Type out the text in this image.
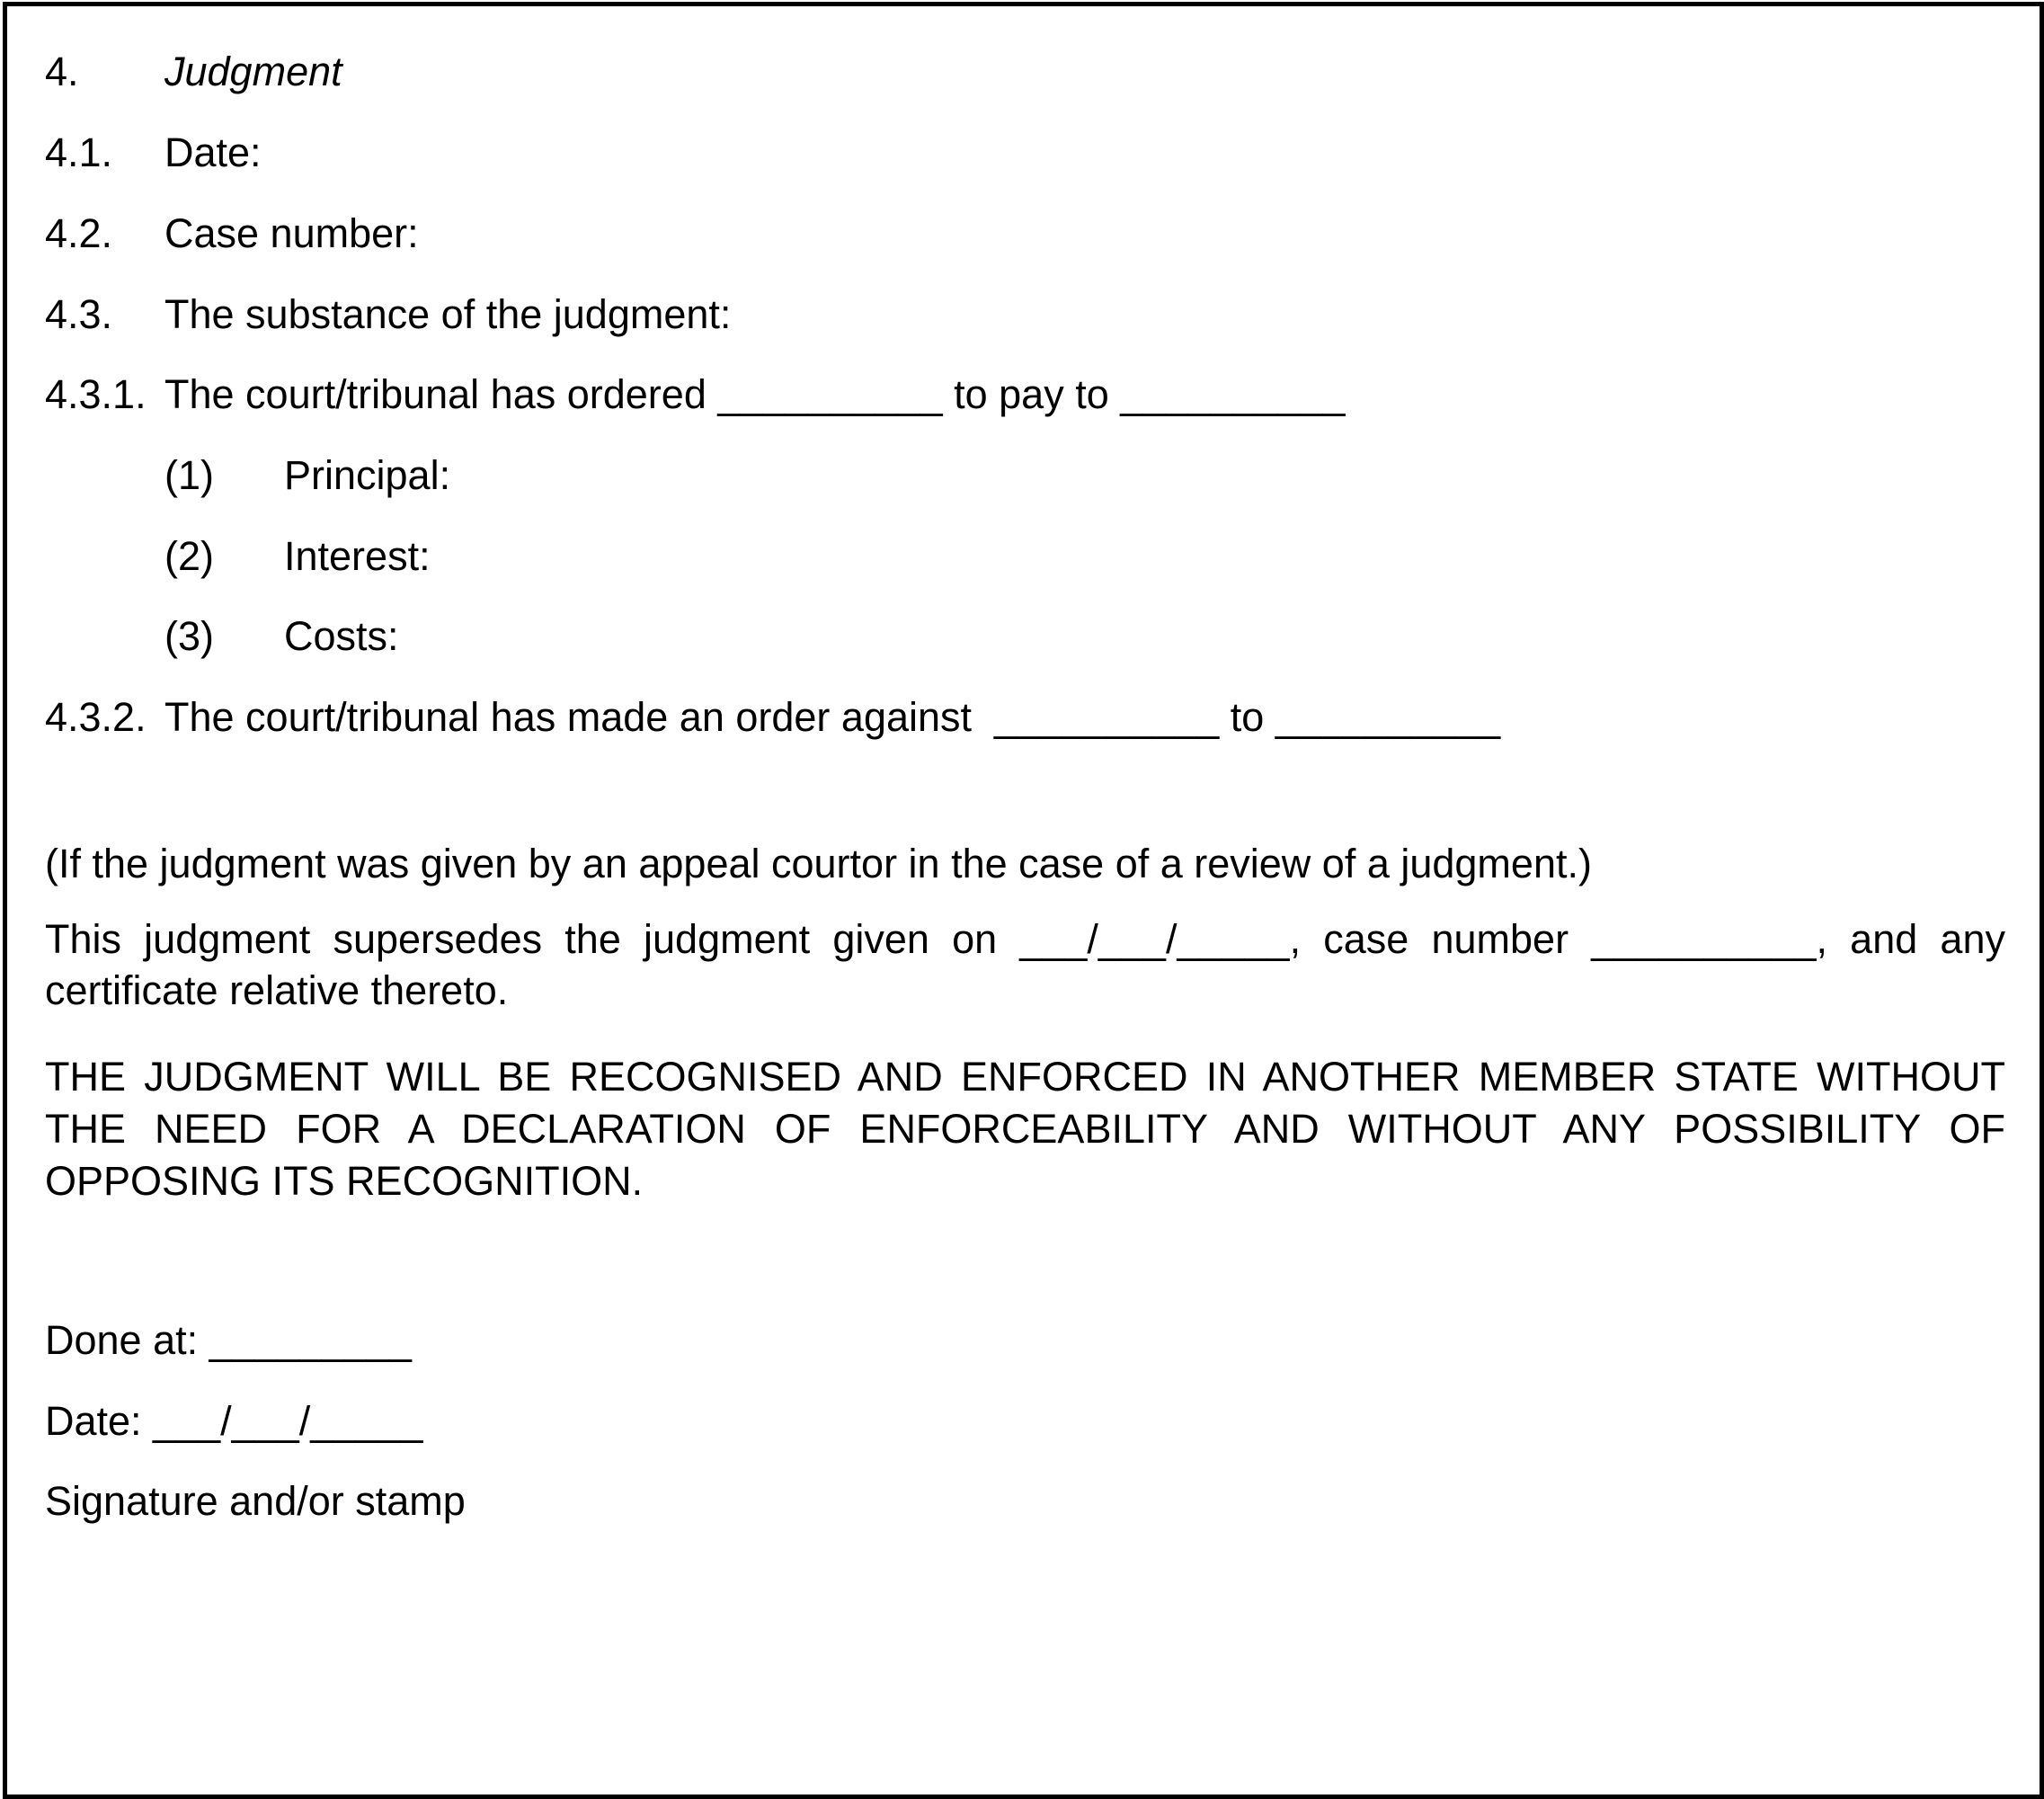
4. Judgment
4.1. Date:
4.2. Case number:
4.3. The substance of the judgment:
4.3.1. The court/tribunal has ordered __________ to pay to __________
(1) Principal:
(2) Interest:
(3) Costs:
4.3.2. The court/tribunal has made an order against  __________ to __________
(If the judgment was given by an appeal courtor in the case of a review of a judgment.)
This judgment supersedes the judgment given on ___/___/_____, case number __________, and any certificate relative thereto.
THE JUDGMENT WILL BE RECOGNISED AND ENFORCED IN ANOTHER MEMBER STATE WITHOUT THE NEED FOR A DECLARATION OF ENFORCEABILITY AND WITHOUT ANY POSSIBILITY OF OPPOSING ITS RECOGNITION.
Done at: _________
Date: ___/___/_____
Signature and/or stamp
